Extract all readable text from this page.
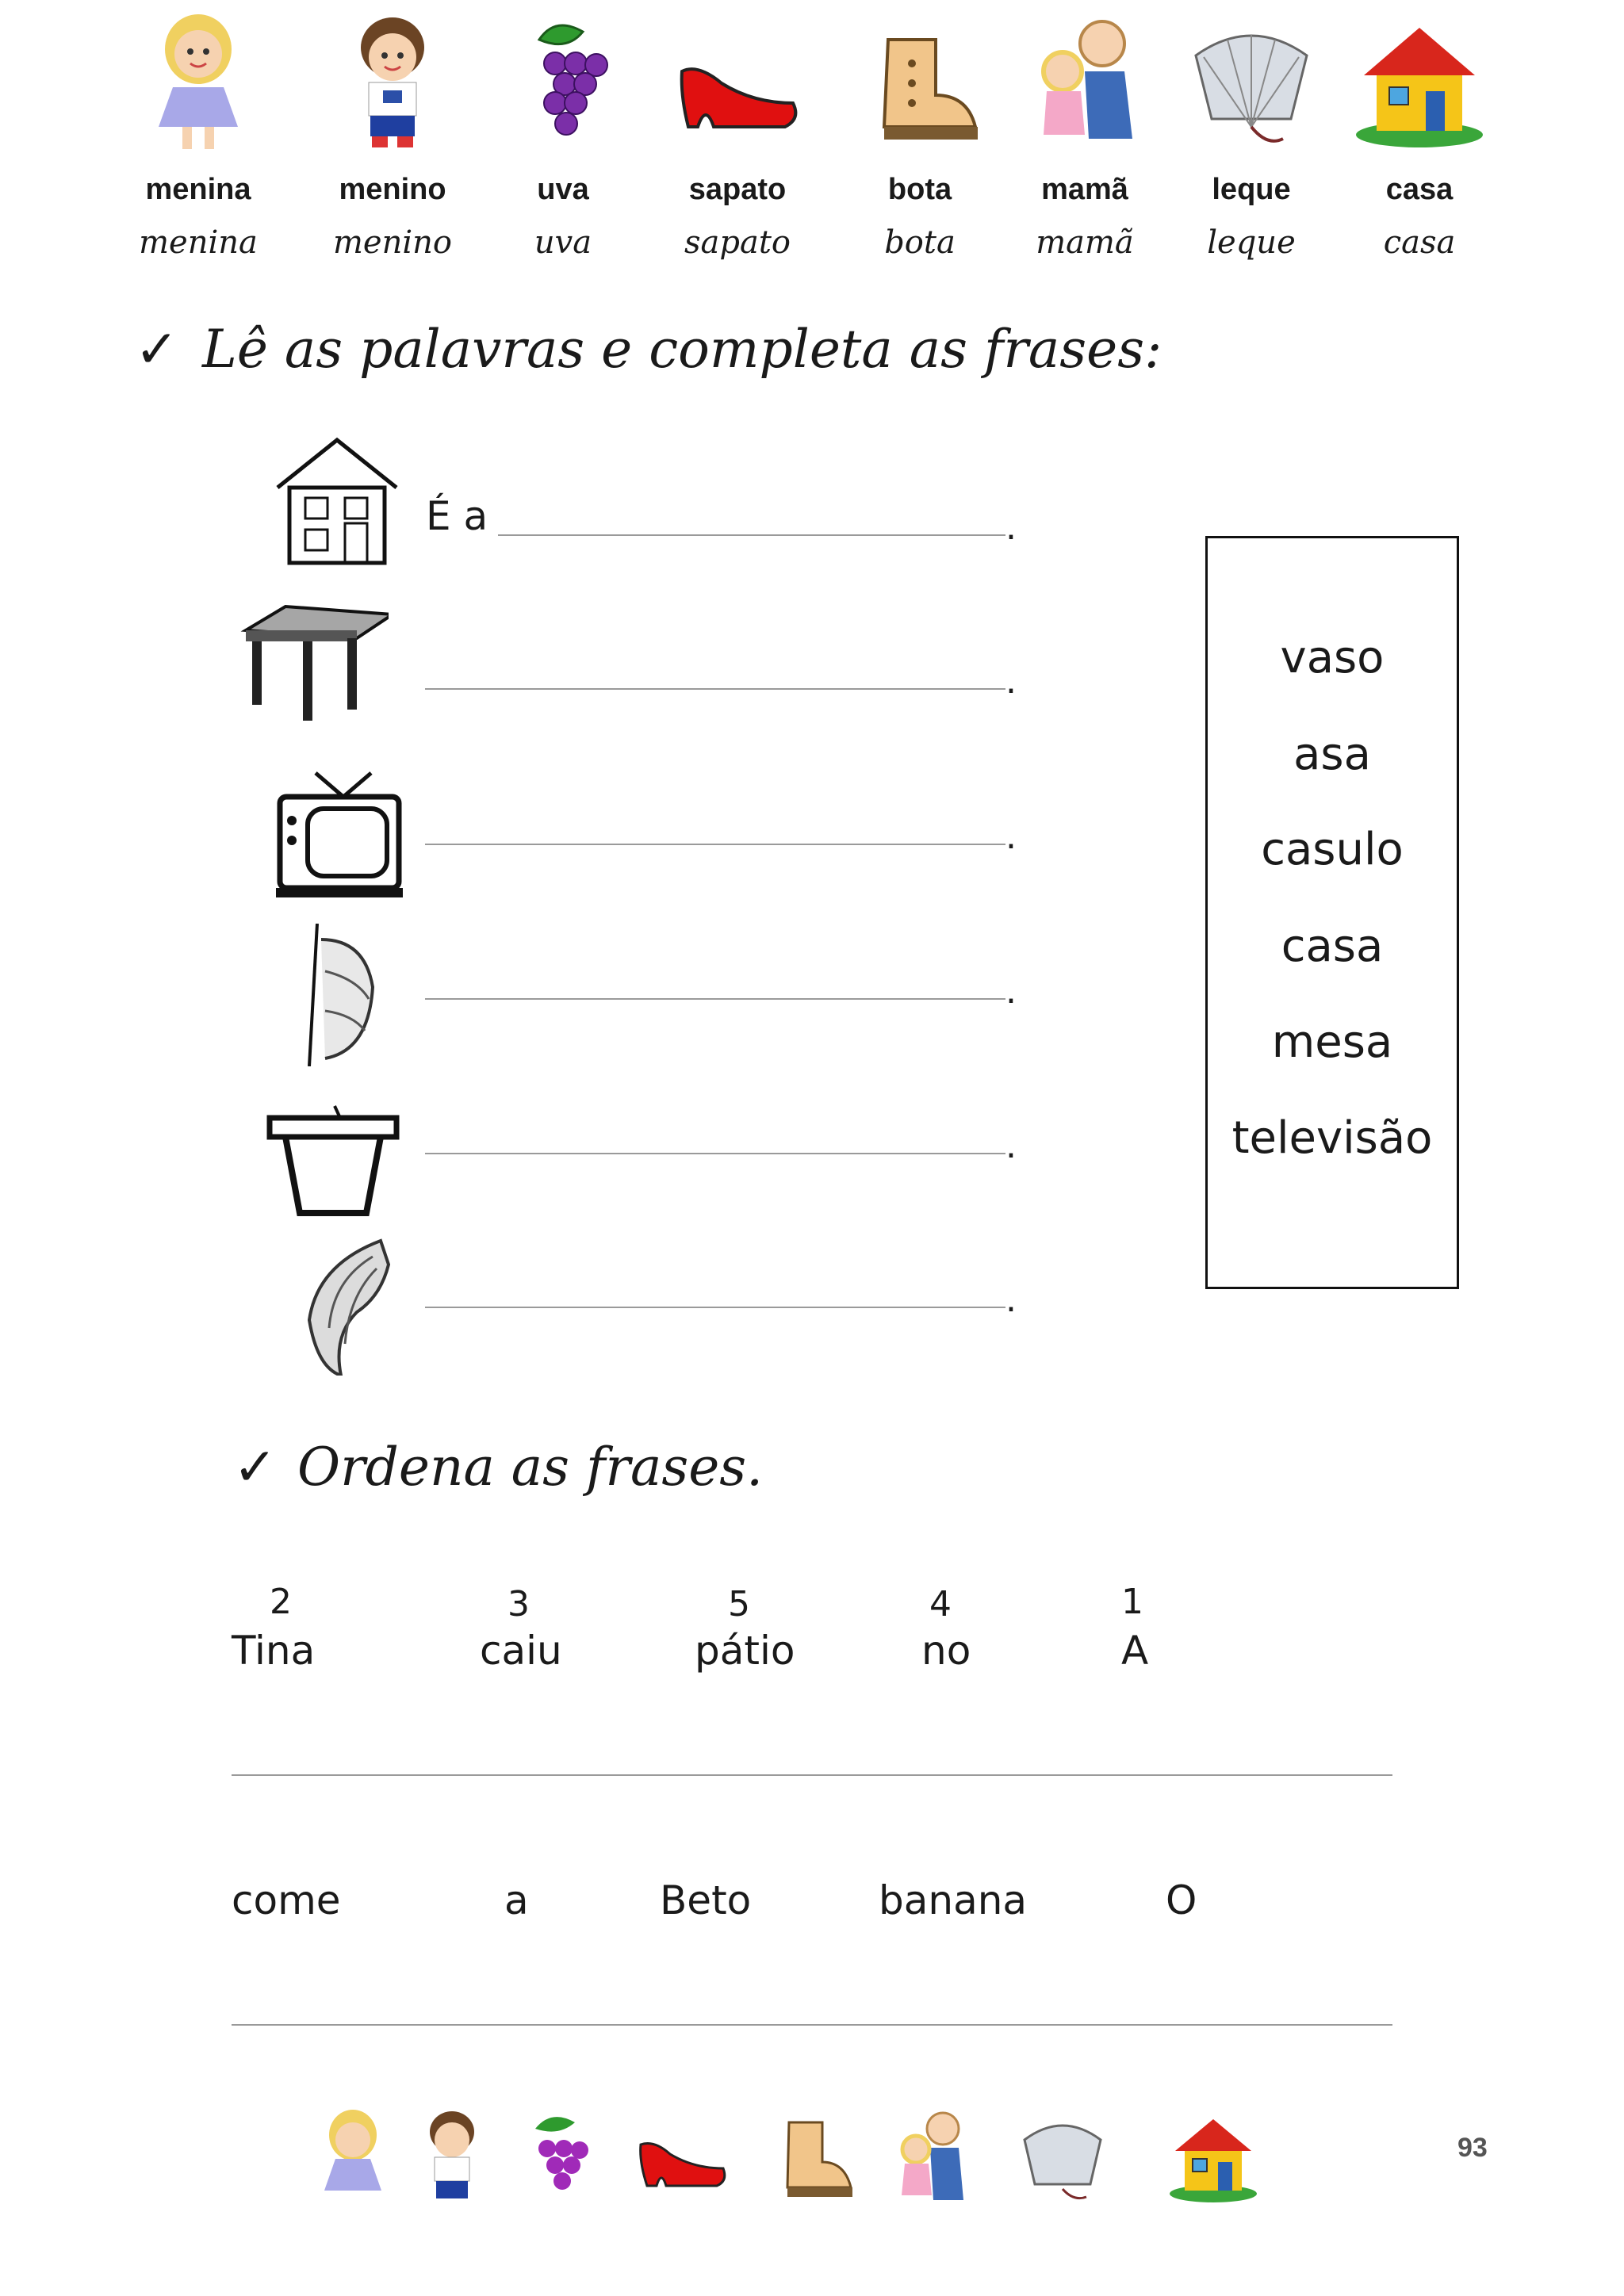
menina
menina
menino
menino
uva
uva
sapato
sapato
bota
bota
mamã
mamã
leque
leque
casa
casa
✓ Lê as palavras e completa as frases:
É a	.
.
.
.
.
.
vaso
asa
casulo
casa
mesa
televisão
✓ Ordena as frases.
2	3	5	4	1
Tina	caiu	pátio	no	A
come	a	Beto	banana	O
93
